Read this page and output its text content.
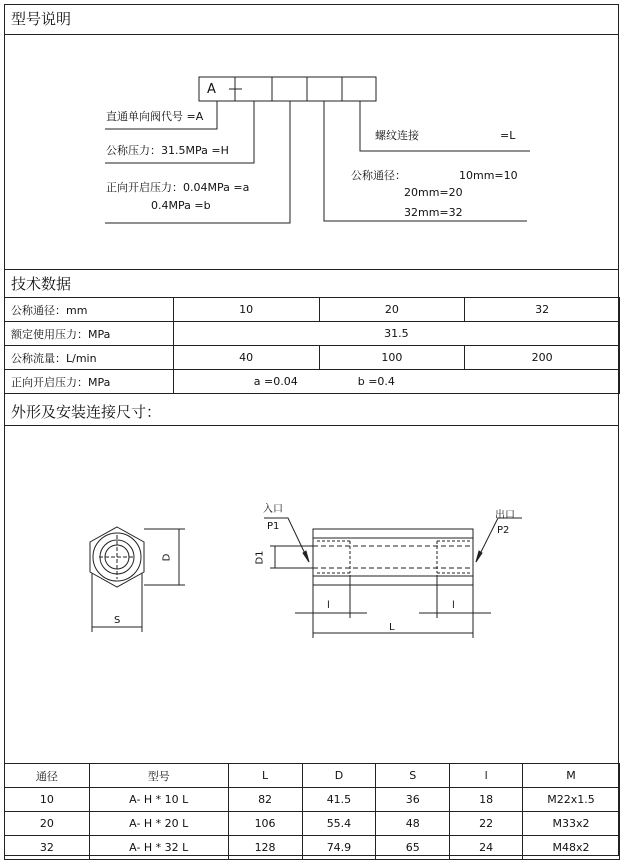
型号说明
A
直通单向阀代号 =A
公称压力：31.5MPa =H
正向开启压力：0.04MPa =a
0.4MPa =b
螺纹连接	=L
公称通径：	10mm=10
20mm=20
32mm=32
技术数据
公称通径：mm	10	20	32
额定使用压力：MPa	31.5		
公称流量：L/min	40	100	200
正向开启压力：MPa	a =0.04 b =0.4		
外形及安装连接尺寸：
入口
P1
出口
P2
D
S
D1
l	l
L
通径	型号	L	D	S	l	M
10	A- H * 10 L	82	41.5	36	18	M22x1.5
20	A- H * 20 L	106	55.4	48	22	M33x2
32	A- H * 32 L	128	74.9	65	24	M48x2
